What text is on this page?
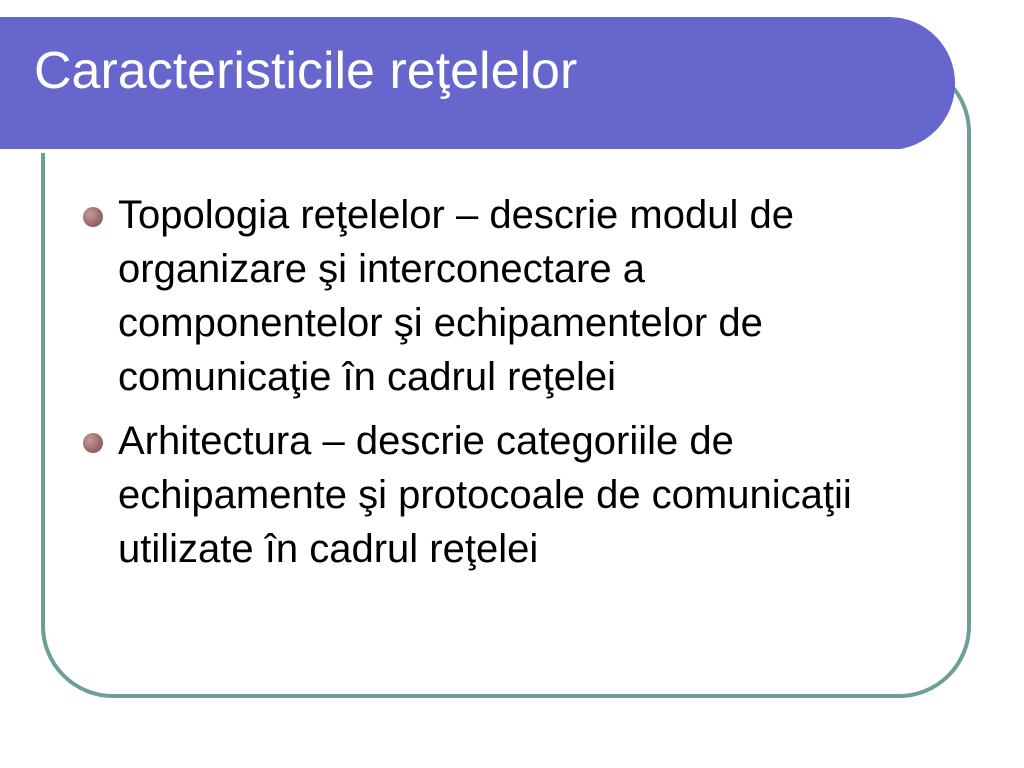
Caracteristicile reţelelor
Topologia reţelelor – descrie modul de organizare şi interconectare a componentelor şi echipamentelor de comunicaţie în cadrul reţelei
Arhitectura – descrie categoriile de echipamente şi protocoale de comunicaţii utilizate în cadrul reţelei
